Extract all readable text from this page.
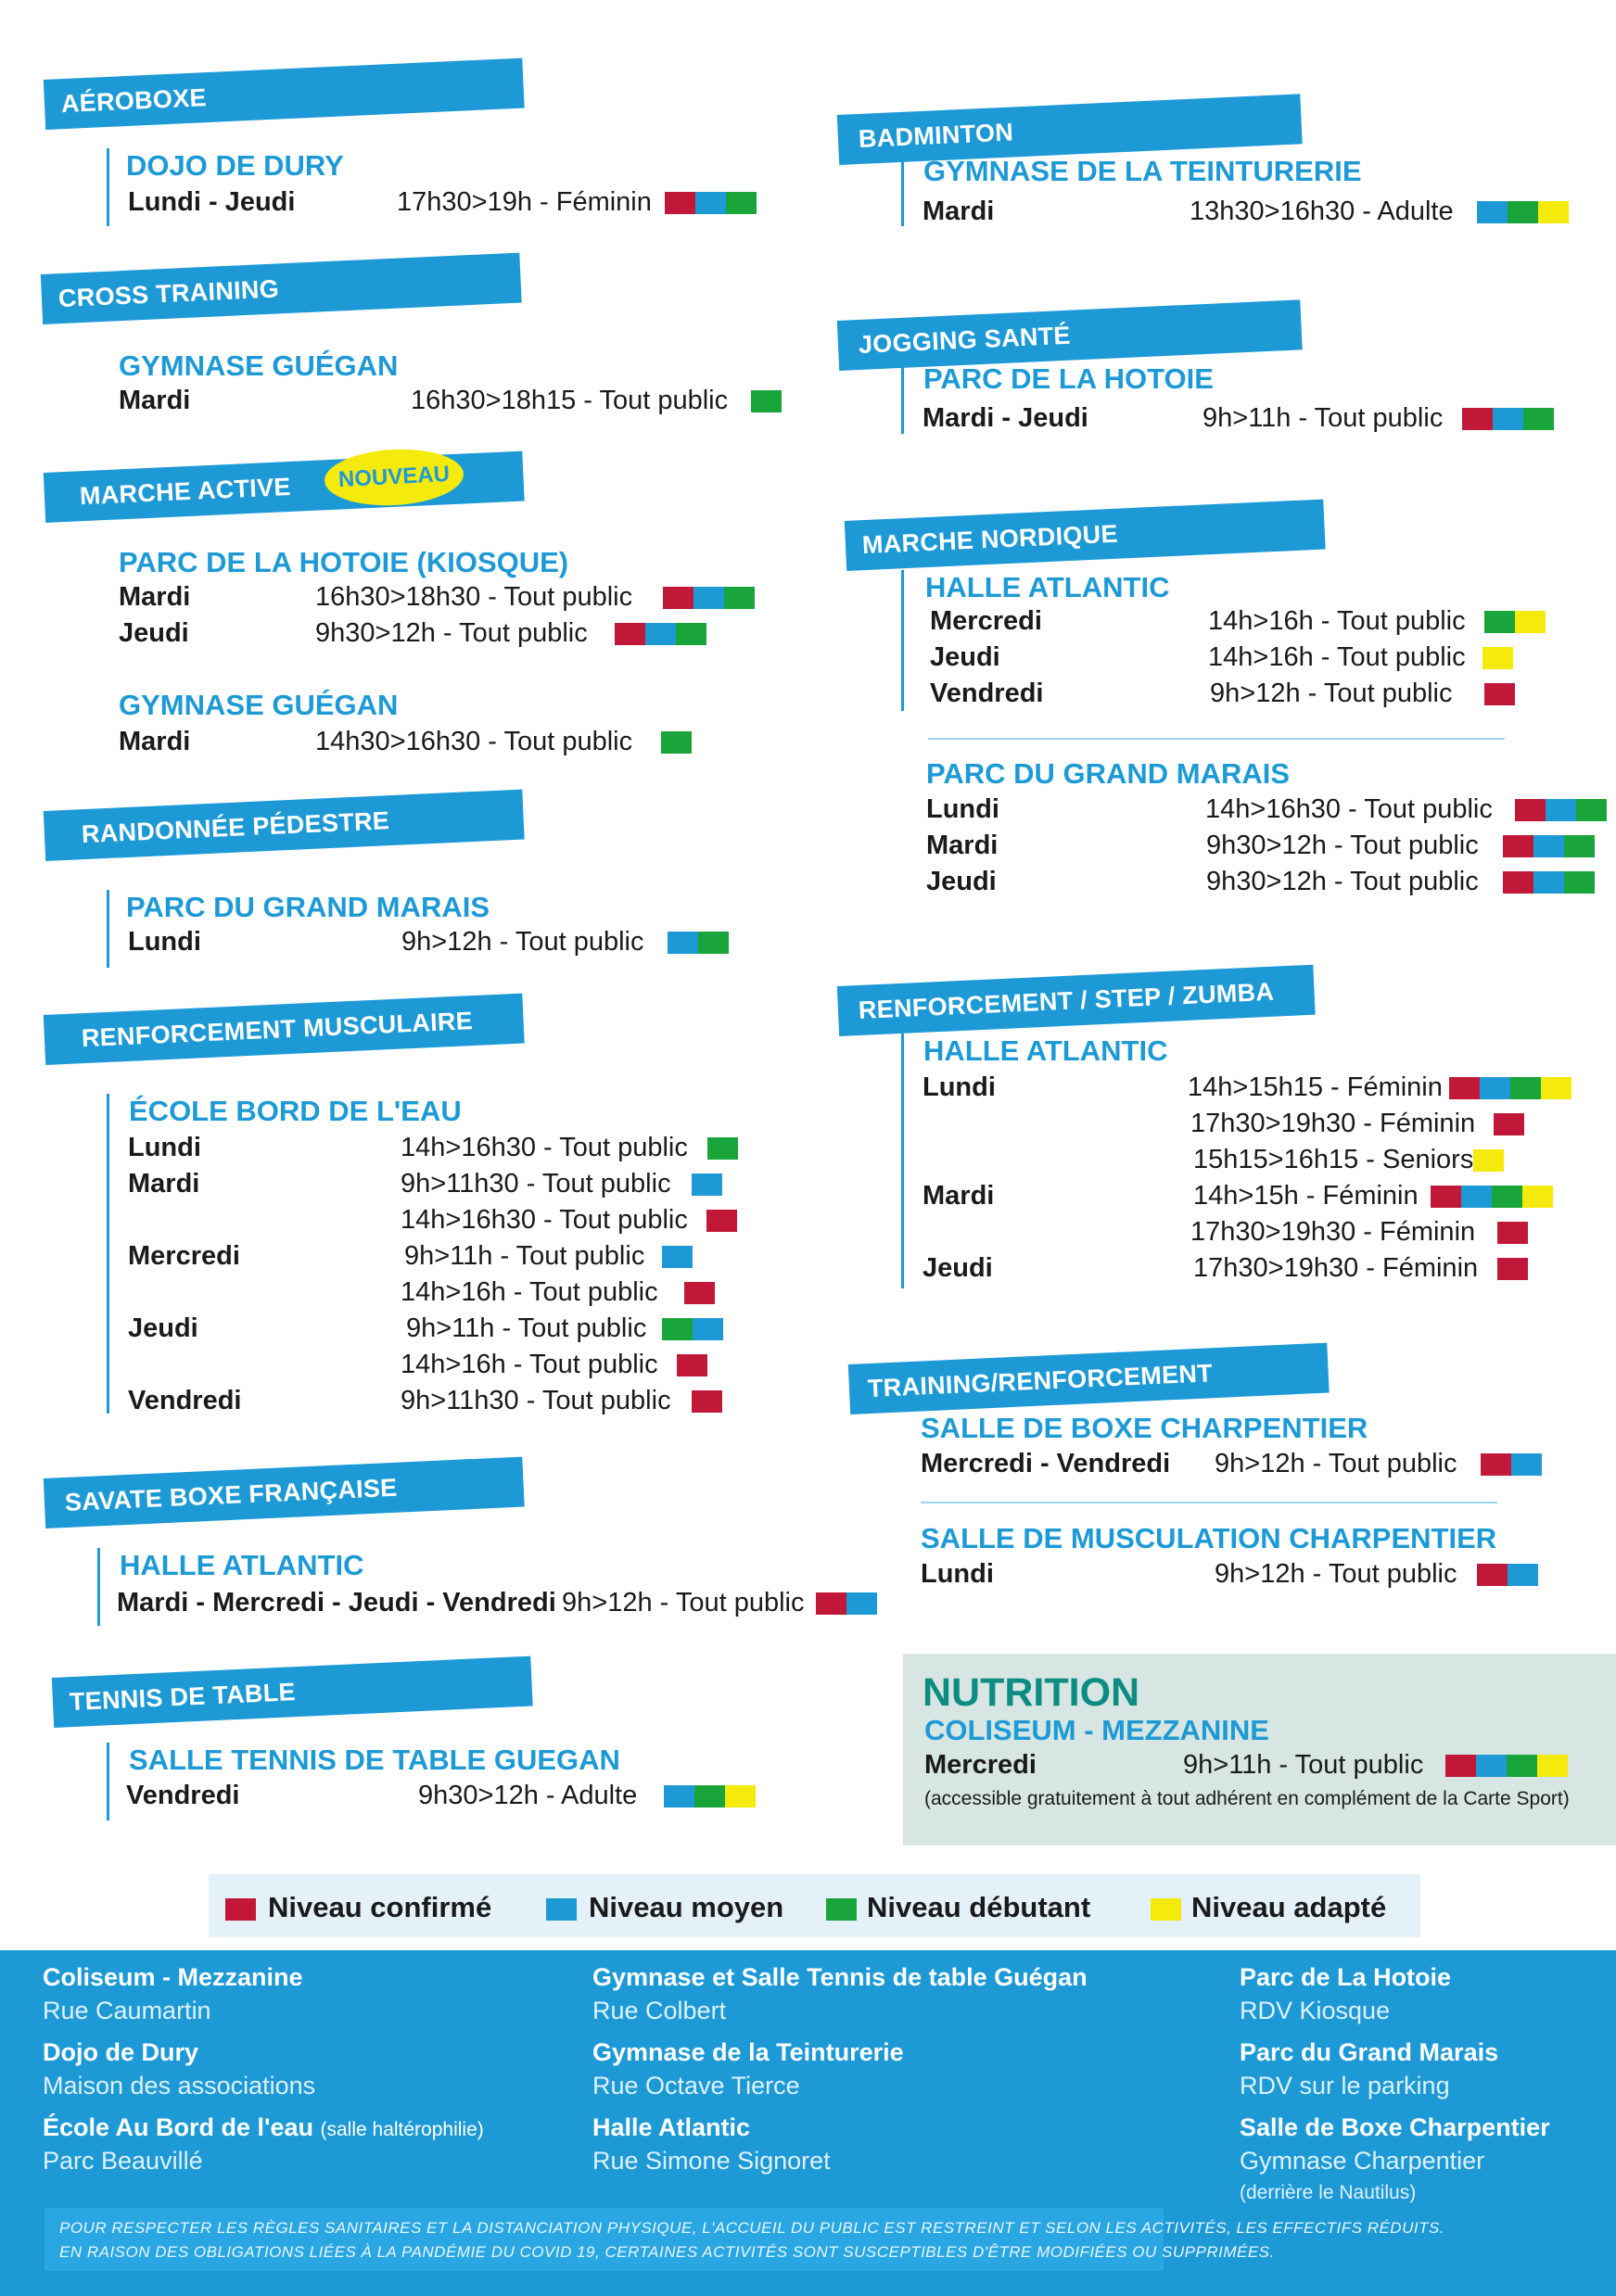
AÉROBOXE
DOJO DE DURY
Lundi - Jeudi	17h30>19h - Féminin
CROSS TRAINING
GYMNASE GUÉGAN
Mardi	16h30>18h15 - Tout public
MARCHE ACTIVE	NOUVEAU
PARC DE LA HOTOIE (KIOSQUE)
Mardi	16h30>18h30 - Tout public
Jeudi	9h30>12h - Tout public
GYMNASE GUÉGAN
Mardi	14h30>16h30 - Tout public
RANDONNÉE PÉDESTRE
PARC DU GRAND MARAIS
Lundi	9h>12h - Tout public
RENFORCEMENT MUSCULAIRE
ÉCOLE BORD DE L'EAU
Lundi	14h>16h30 - Tout public
Mardi	9h>11h30 - Tout public
14h>16h30 - Tout public
Mercredi	9h>11h - Tout public
14h>16h - Tout public
Jeudi	9h>11h - Tout public
14h>16h - Tout public
Vendredi	9h>11h30 - Tout public
SAVATE BOXE FRANÇAISE
HALLE ATLANTIC
Mardi - Mercredi - Jeudi - Vendredi 9h>12h - Tout public
TENNIS DE TABLE
SALLE TENNIS DE TABLE GUEGAN
Vendredi	9h30>12h - Adulte
BADMINTON
GYMNASE DE LA TEINTURERIE
Mardi	13h30>16h30 - Adulte
JOGGING SANTÉ
PARC DE LA HOTOIE
Mardi - Jeudi	9h>11h - Tout public
MARCHE NORDIQUE
HALLE ATLANTIC
Mercredi	14h>16h - Tout public
Jeudi	14h>16h - Tout public
Vendredi	9h>12h - Tout public
PARC DU GRAND MARAIS
Lundi	14h>16h30 - Tout public
Mardi	9h30>12h - Tout public
Jeudi	9h30>12h - Tout public
RENFORCEMENT / STEP / ZUMBA
HALLE ATLANTIC
Lundi	14h>15h15 - Féminin
17h30>19h30 - Féminin
15h15>16h15 - Seniors
Mardi	14h>15h - Féminin
17h30>19h30 - Féminin
Jeudi	17h30>19h30 - Féminin
TRAINING/RENFORCEMENT
SALLE DE BOXE CHARPENTIER
Mercredi - Vendredi 9h>12h - Tout public
SALLE DE MUSCULATION CHARPENTIER
Lundi	9h>12h - Tout public
NUTRITION
COLISEUM - MEZZANINE
Mercredi	9h>11h - Tout public
(accessible gratuitement à tout adhérent en complément de la Carte Sport)
Niveau confirmé	Niveau moyen	Niveau débutant	Niveau adapté
Coliseum - Mezzanine
Rue Caumartin
Dojo de Dury
Maison des associations
École Au Bord de l'eau (salle haltérophilie)
Parc Beauvillé
Gymnase et Salle Tennis de table Guégan
Rue Colbert
Gymnase de la Teinturerie
Rue Octave Tierce
Halle Atlantic
Rue Simone Signoret
Parc de La Hotoie
RDV Kiosque
Parc du Grand Marais
RDV sur le parking
Salle de Boxe Charpentier
Gymnase Charpentier
(derrière le Nautilus)
POUR RESPECTER LES RÈGLES SANITAIRES ET LA DISTANCIATION PHYSIQUE, L'ACCUEIL DU PUBLIC EST RESTREINT ET SELON LES ACTIVITÉS, LES EFFECTIFS RÉDUITS.
EN RAISON DES OBLIGATIONS LIÉES À LA PANDÉMIE DU COVID 19, CERTAINES ACTIVITÉS SONT SUSCEPTIBLES D'ÊTRE MODIFIÉES OU SUPPRIMÉES.
